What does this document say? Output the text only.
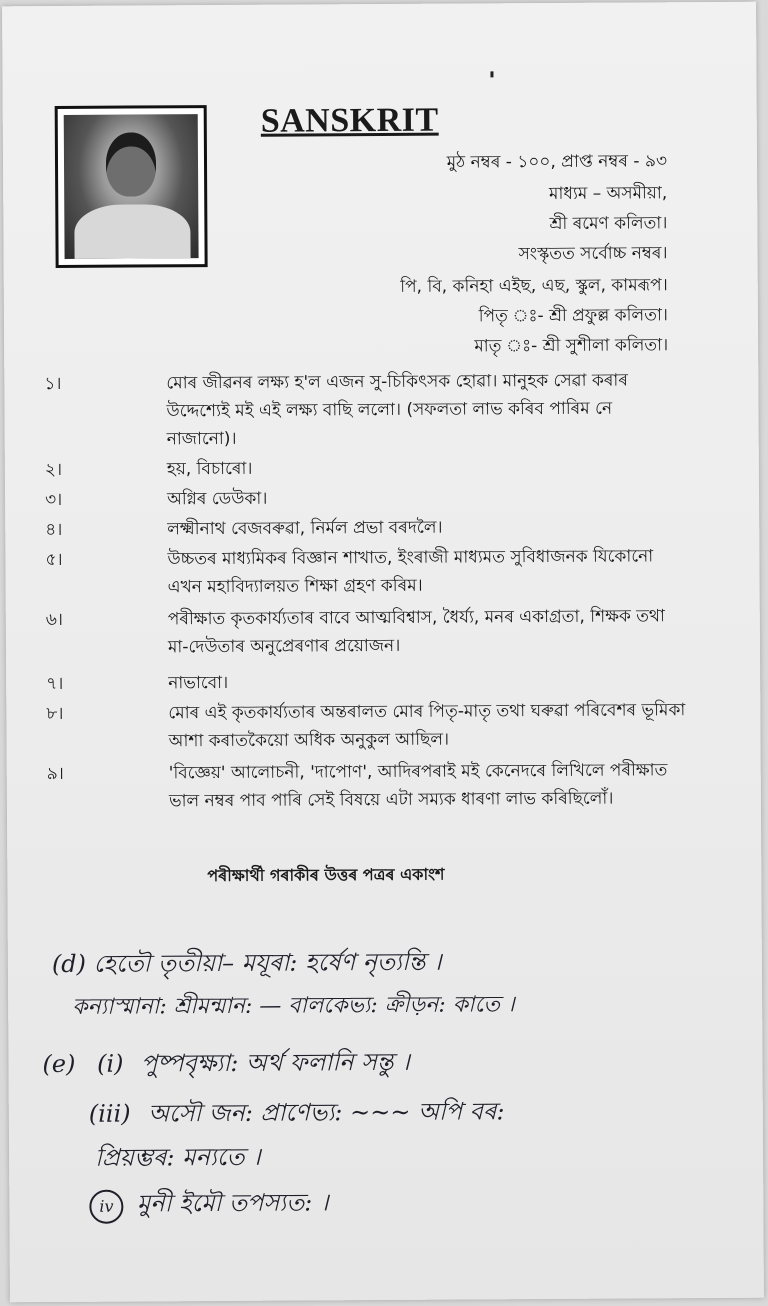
SANSKRIT
মুঠ নম্বৰ - ১০০, প্ৰাপ্ত নম্বৰ - ৯৩
মাধ্যম – অসমীয়া,
শ্ৰী ৰমেণ কলিতা।
সংস্কৃতত সৰ্বোচ্চ নম্বৰ।
পি, বি, কনিহা এইছ, এছ, স্কুল, কামৰূপ।
পিতৃ ঃ- শ্ৰী প্ৰফুল্ল কলিতা।
মাতৃ ঃ- শ্ৰী সুশীলা কলিতা।
১।	মোৰ জীৱনৰ লক্ষ্য হ'ল এজন সু-চিকিৎসক হোৱা। মানুহক সেৱা কৰাৰ উদ্দেশ্যেই মই এই লক্ষ্য বাছি ললো। (সফলতা লাভ কৰিব পাৰিম নে নাজানো)।
২।	হয়, বিচাৰো।
৩।	অগ্নিৰ ডেউকা।
৪।	লক্ষ্মীনাথ বেজবৰুৱা, নিৰ্মল প্ৰভা বৰদলৈ।
৫।	উচ্চতৰ মাধ্যমিকৰ বিজ্ঞান শাখাত, ইংৰাজী মাধ্যমত সুবিধাজনক যিকোনো এখন মহাবিদ্যালয়ত শিক্ষা গ্ৰহণ কৰিম।
৬।	পৰীক্ষাত কৃতকাৰ্য্যতাৰ বাবে আত্মবিশ্বাস, ধৈৰ্য্য, মনৰ একাগ্ৰতা, শিক্ষক তথা মা-দেউতাৰ অনুপ্ৰেৰণাৰ প্ৰয়োজন।
৭।	নাভাবো।
৮।	মোৰ এই কৃতকাৰ্য্যতাৰ অন্তৰালত মোৰ পিতৃ-মাতৃ তথা ঘৰুৱা পৰিবেশৰ ভূমিকা আশা কৰাতকৈয়ো অধিক অনুকুল আছিল।
৯।	'বিজ্ঞেয়' আলোচনী, 'দাপোণ', আদিৰপৰাই মই কেনেদৰে লিখিলে পৰীক্ষাত ভাল নম্বৰ পাব পাৰি সেই বিষয়ে এটা সম্যক ধাৰণা লাভ কৰিছিলোঁ।
পৰীক্ষাৰ্থী গৰাকীৰ উত্তৰ পত্ৰৰ একাংশ
(d) হেতৌ তৃতীয়া– মযূৰা: হৰ্ষেণ নৃত্যন্তি ।
কন্যাস্মানা: শ্ৰীমন্মান: — বালকেভ্য: ক্ৰীড়ন: কাতে ।
(e) (i) পুষ্পবৃক্ষ্যা: অৰ্থ ফলানি সন্তু ।
(iii) অসৌ জন: প্ৰাণেভ্য: ~~~ অপি বৰ:
প্ৰিয়ম্ভৰ: মন্যতে ।
iv মুনী ইমৌ তপস্যত: ।
